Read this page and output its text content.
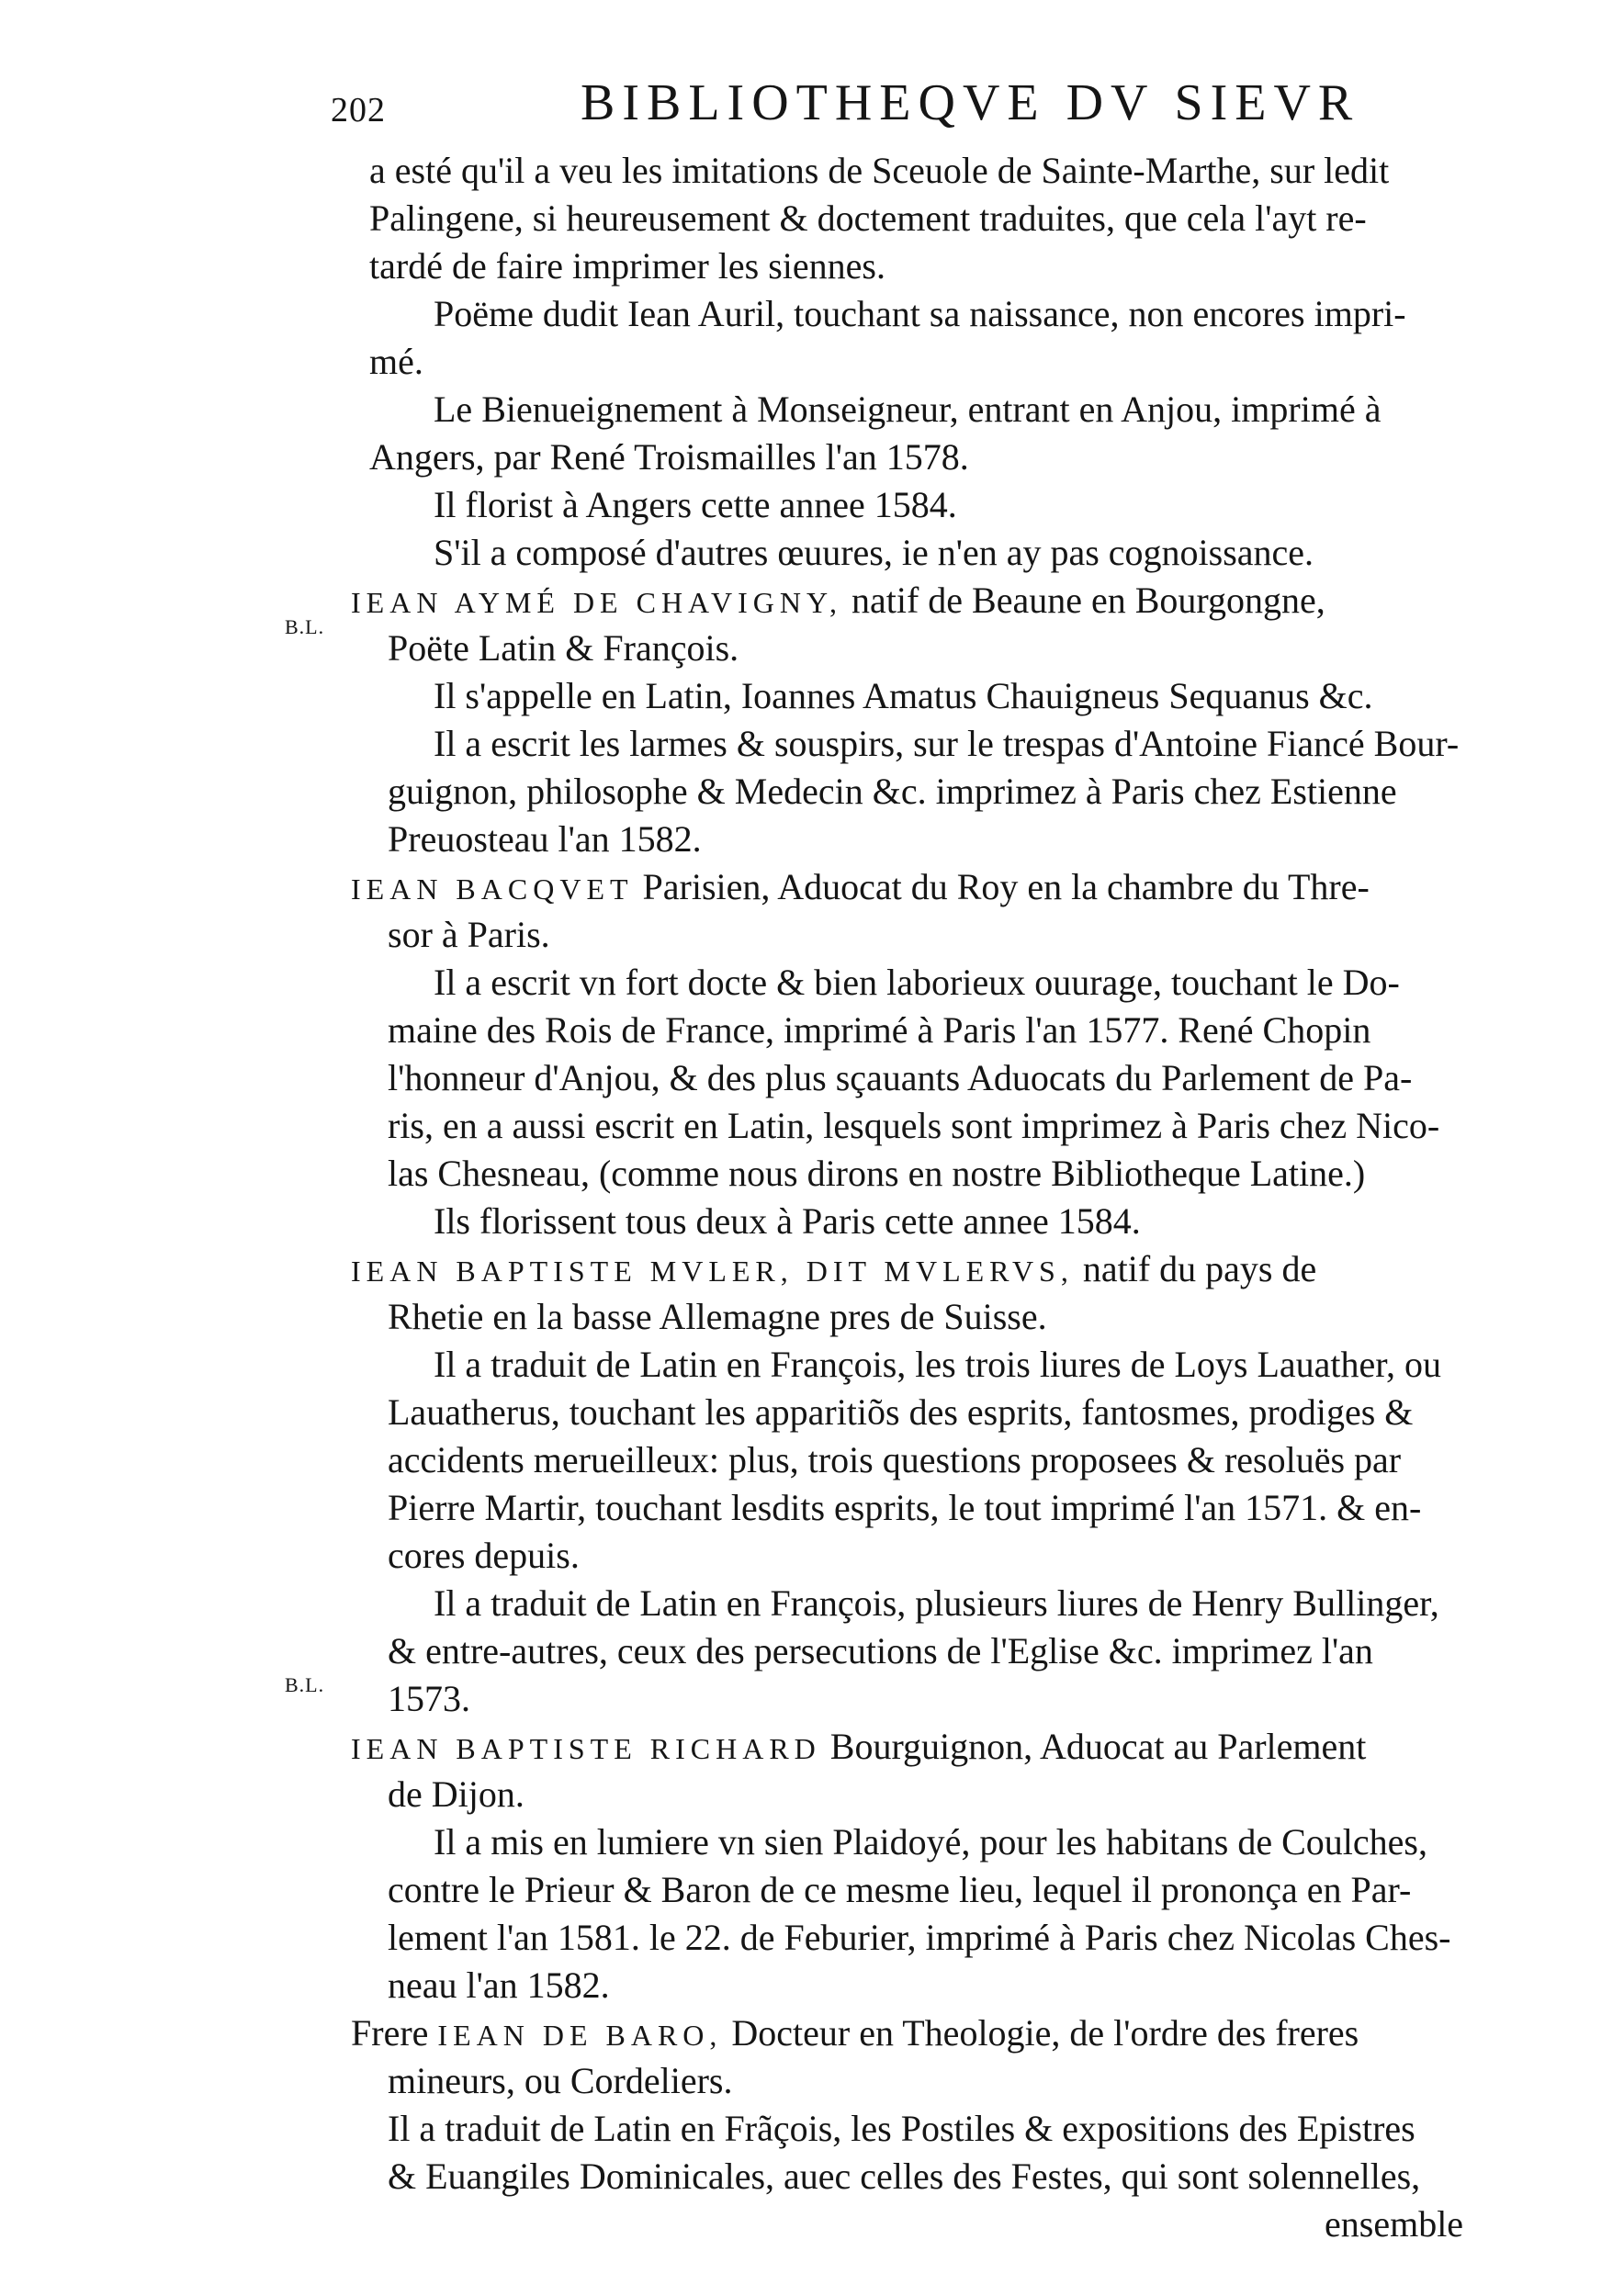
202	BIBLIOTHEQVE DV SIEVR
B.L.
B.L.
a esté qu'il a veu les imitations de Sceuole de Sainte-Marthe, sur ledit
Palingene, si heureusement & doctement traduites, que cela l'ayt re-
tardé de faire imprimer les siennes.
Poëme dudit Iean Auril, touchant sa naissance, non encores impri-
mé.
Le Bienueignement à Monseigneur, entrant en Anjou, imprimé à
Angers, par René Troismailles l'an 1578.
Il florist à Angers cette annee 1584.
S'il a composé d'autres œuures, ie n'en ay pas cognoissance.
IEAN AYMÉ DE CHAVIGNY, natif de Beaune en Bourgongne,
Poëte Latin & François.
Il s'appelle en Latin, Ioannes Amatus Chauigneus Sequanus &c.
Il a escrit les larmes & souspirs, sur le trespas d'Antoine Fiancé Bour-
guignon, philosophe & Medecin &c. imprimez à Paris chez Estienne
Preuosteau l'an 1582.
IEAN BACQVET Parisien, Aduocat du Roy en la chambre du Thre-
sor à Paris.
Il a escrit vn fort docte & bien laborieux ouurage, touchant le Do-
maine des Rois de France, imprimé à Paris l'an 1577. René Chopin
l'honneur d'Anjou, & des plus sçauants Aduocats du Parlement de Pa-
ris, en a aussi escrit en Latin, lesquels sont imprimez à Paris chez Nico-
las Chesneau, (comme nous dirons en nostre Bibliotheque Latine.)
Ils florissent tous deux à Paris cette annee 1584.
IEAN BAPTISTE MVLER, DIT MVLERVS, natif du pays de
Rhetie en la basse Allemagne pres de Suisse.
Il a traduit de Latin en François, les trois liures de Loys Lauather, ou
Lauatherus, touchant les apparitiõs des esprits, fantosmes, prodiges &
accidents merueilleux: plus, trois questions proposees & resoluës par
Pierre Martir, touchant lesdits esprits, le tout imprimé l'an 1571. & en-
cores depuis.
Il a traduit de Latin en François, plusieurs liures de Henry Bullinger,
& entre-autres, ceux des persecutions de l'Eglise &c. imprimez l'an
1573.
IEAN BAPTISTE RICHARD Bourguignon, Aduocat au Parlement
de Dijon.
Il a mis en lumiere vn sien Plaidoyé, pour les habitans de Coulches,
contre le Prieur & Baron de ce mesme lieu, lequel il prononça en Par-
lement l'an 1581. le 22. de Feburier, imprimé à Paris chez Nicolas Ches-
neau l'an 1582.
Frere IEAN DE BARO, Docteur en Theologie, de l'ordre des freres
mineurs, ou Cordeliers.
Il a traduit de Latin en Frãçois, les Postiles & expositions des Epistres
& Euangiles Dominicales, auec celles des Festes, qui sont solennelles,
ensemble
